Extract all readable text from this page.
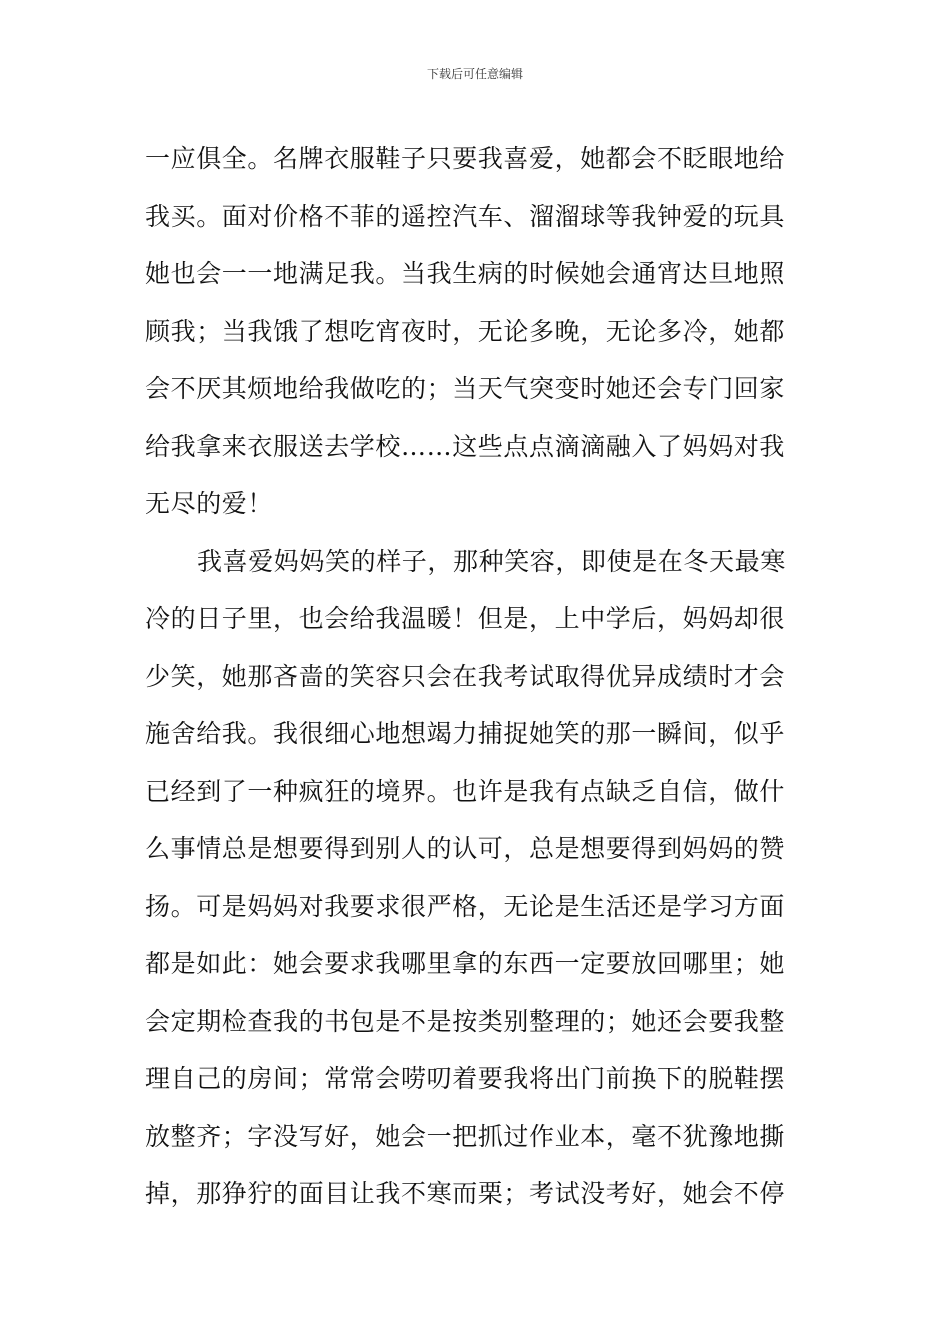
下载后可任意编辑
一应俱全。名牌衣服鞋子只要我喜爱，她都会不眨眼地给
我买。面对价格不菲的遥控汽车、溜溜球等我钟爱的玩具
她也会一一地满足我。当我生病的时候她会通宵达旦地照
顾我；当我饿了想吃宵夜时，无论多晚，无论多冷，她都
会不厌其烦地给我做吃的；当天气突变时她还会专门回家
给我拿来衣服送去学校……这些点点滴滴融入了妈妈对我
无尽的爱！
我喜爱妈妈笑的样子，那种笑容，即使是在冬天最寒
冷的日子里，也会给我温暖！但是，上中学后，妈妈却很
少笑，她那吝啬的笑容只会在我考试取得优异成绩时才会
施舍给我。我很细心地想竭力捕捉她笑的那一瞬间，似乎
已经到了一种疯狂的境界。也许是我有点缺乏自信，做什
么事情总是想要得到别人的认可，总是想要得到妈妈的赞
扬。可是妈妈对我要求很严格，无论是生活还是学习方面
都是如此：她会要求我哪里拿的东西一定要放回哪里；她
会定期检查我的书包是不是按类别整理的；她还会要我整
理自己的房间；常常会唠叨着要我将出门前换下的脱鞋摆
放整齐；字没写好，她会一把抓过作业本，毫不犹豫地撕
掉，那狰狞的面目让我不寒而栗；考试没考好，她会不停
